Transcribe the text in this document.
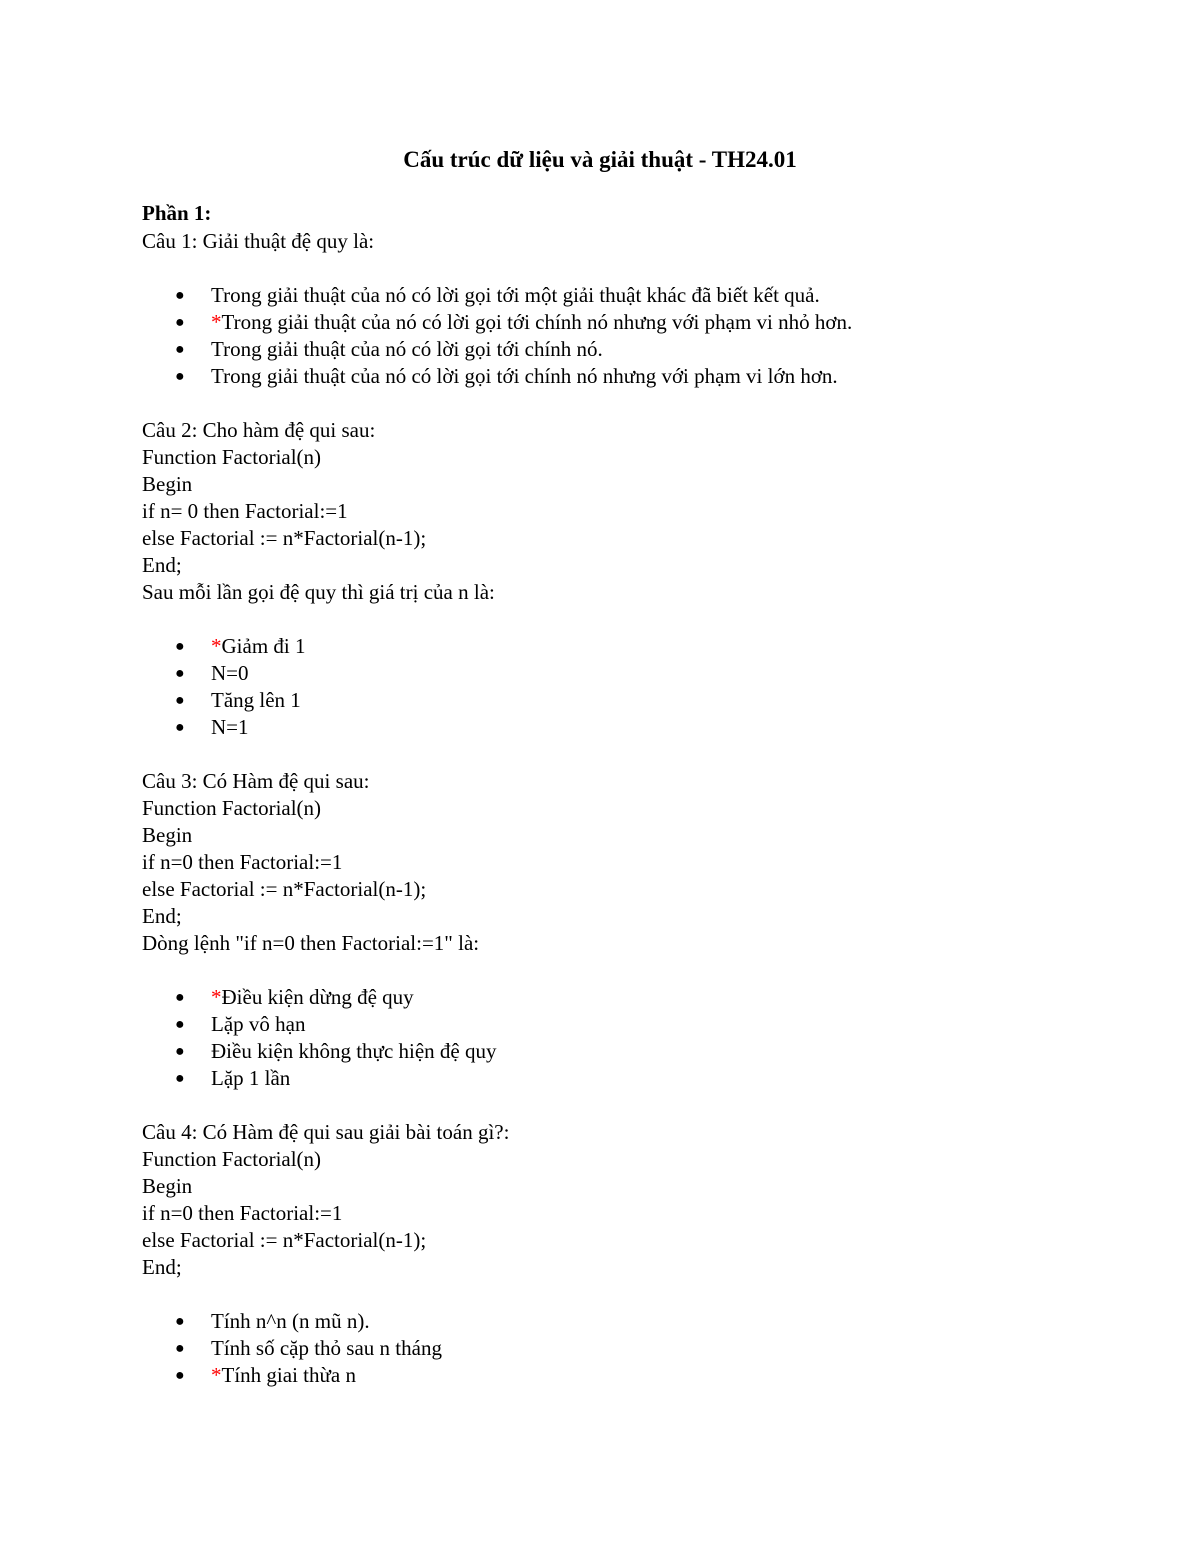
Cấu trúc dữ liệu và giải thuật - TH24.01
Phần 1:
Câu 1: Giải thuật đệ quy là:
● Trong giải thuật của nó có lời gọi tới một giải thuật khác đã biết kết quả.
● *Trong giải thuật của nó có lời gọi tới chính nó nhưng với phạm vi nhỏ hơn.
● Trong giải thuật của nó có lời gọi tới chính nó.
● Trong giải thuật của nó có lời gọi tới chính nó nhưng với phạm vi lớn hơn.
Câu 2: Cho hàm đệ qui sau:
Function Factorial(n)
Begin
if n= 0 then Factorial:=1
else Factorial := n*Factorial(n-1);
End;
Sau mỗi lần gọi đệ quy thì giá trị của n là:
● *Giảm đi 1
● N=0
● Tăng lên 1
● N=1
Câu 3: Có Hàm đệ qui sau:
Function Factorial(n)
Begin
if n=0 then Factorial:=1
else Factorial := n*Factorial(n-1);
End;
Dòng lệnh "if n=0 then Factorial:=1" là:
● *Điều kiện dừng đệ quy
● Lặp vô hạn
● Điều kiện không thực hiện đệ quy
● Lặp 1 lần
Câu 4: Có Hàm đệ qui sau giải bài toán gì?:
Function Factorial(n)
Begin
if n=0 then Factorial:=1
else Factorial := n*Factorial(n-1);
End;
● Tính n^n (n mũ n).
● Tính số cặp thỏ sau n tháng
● *Tính giai thừa n
